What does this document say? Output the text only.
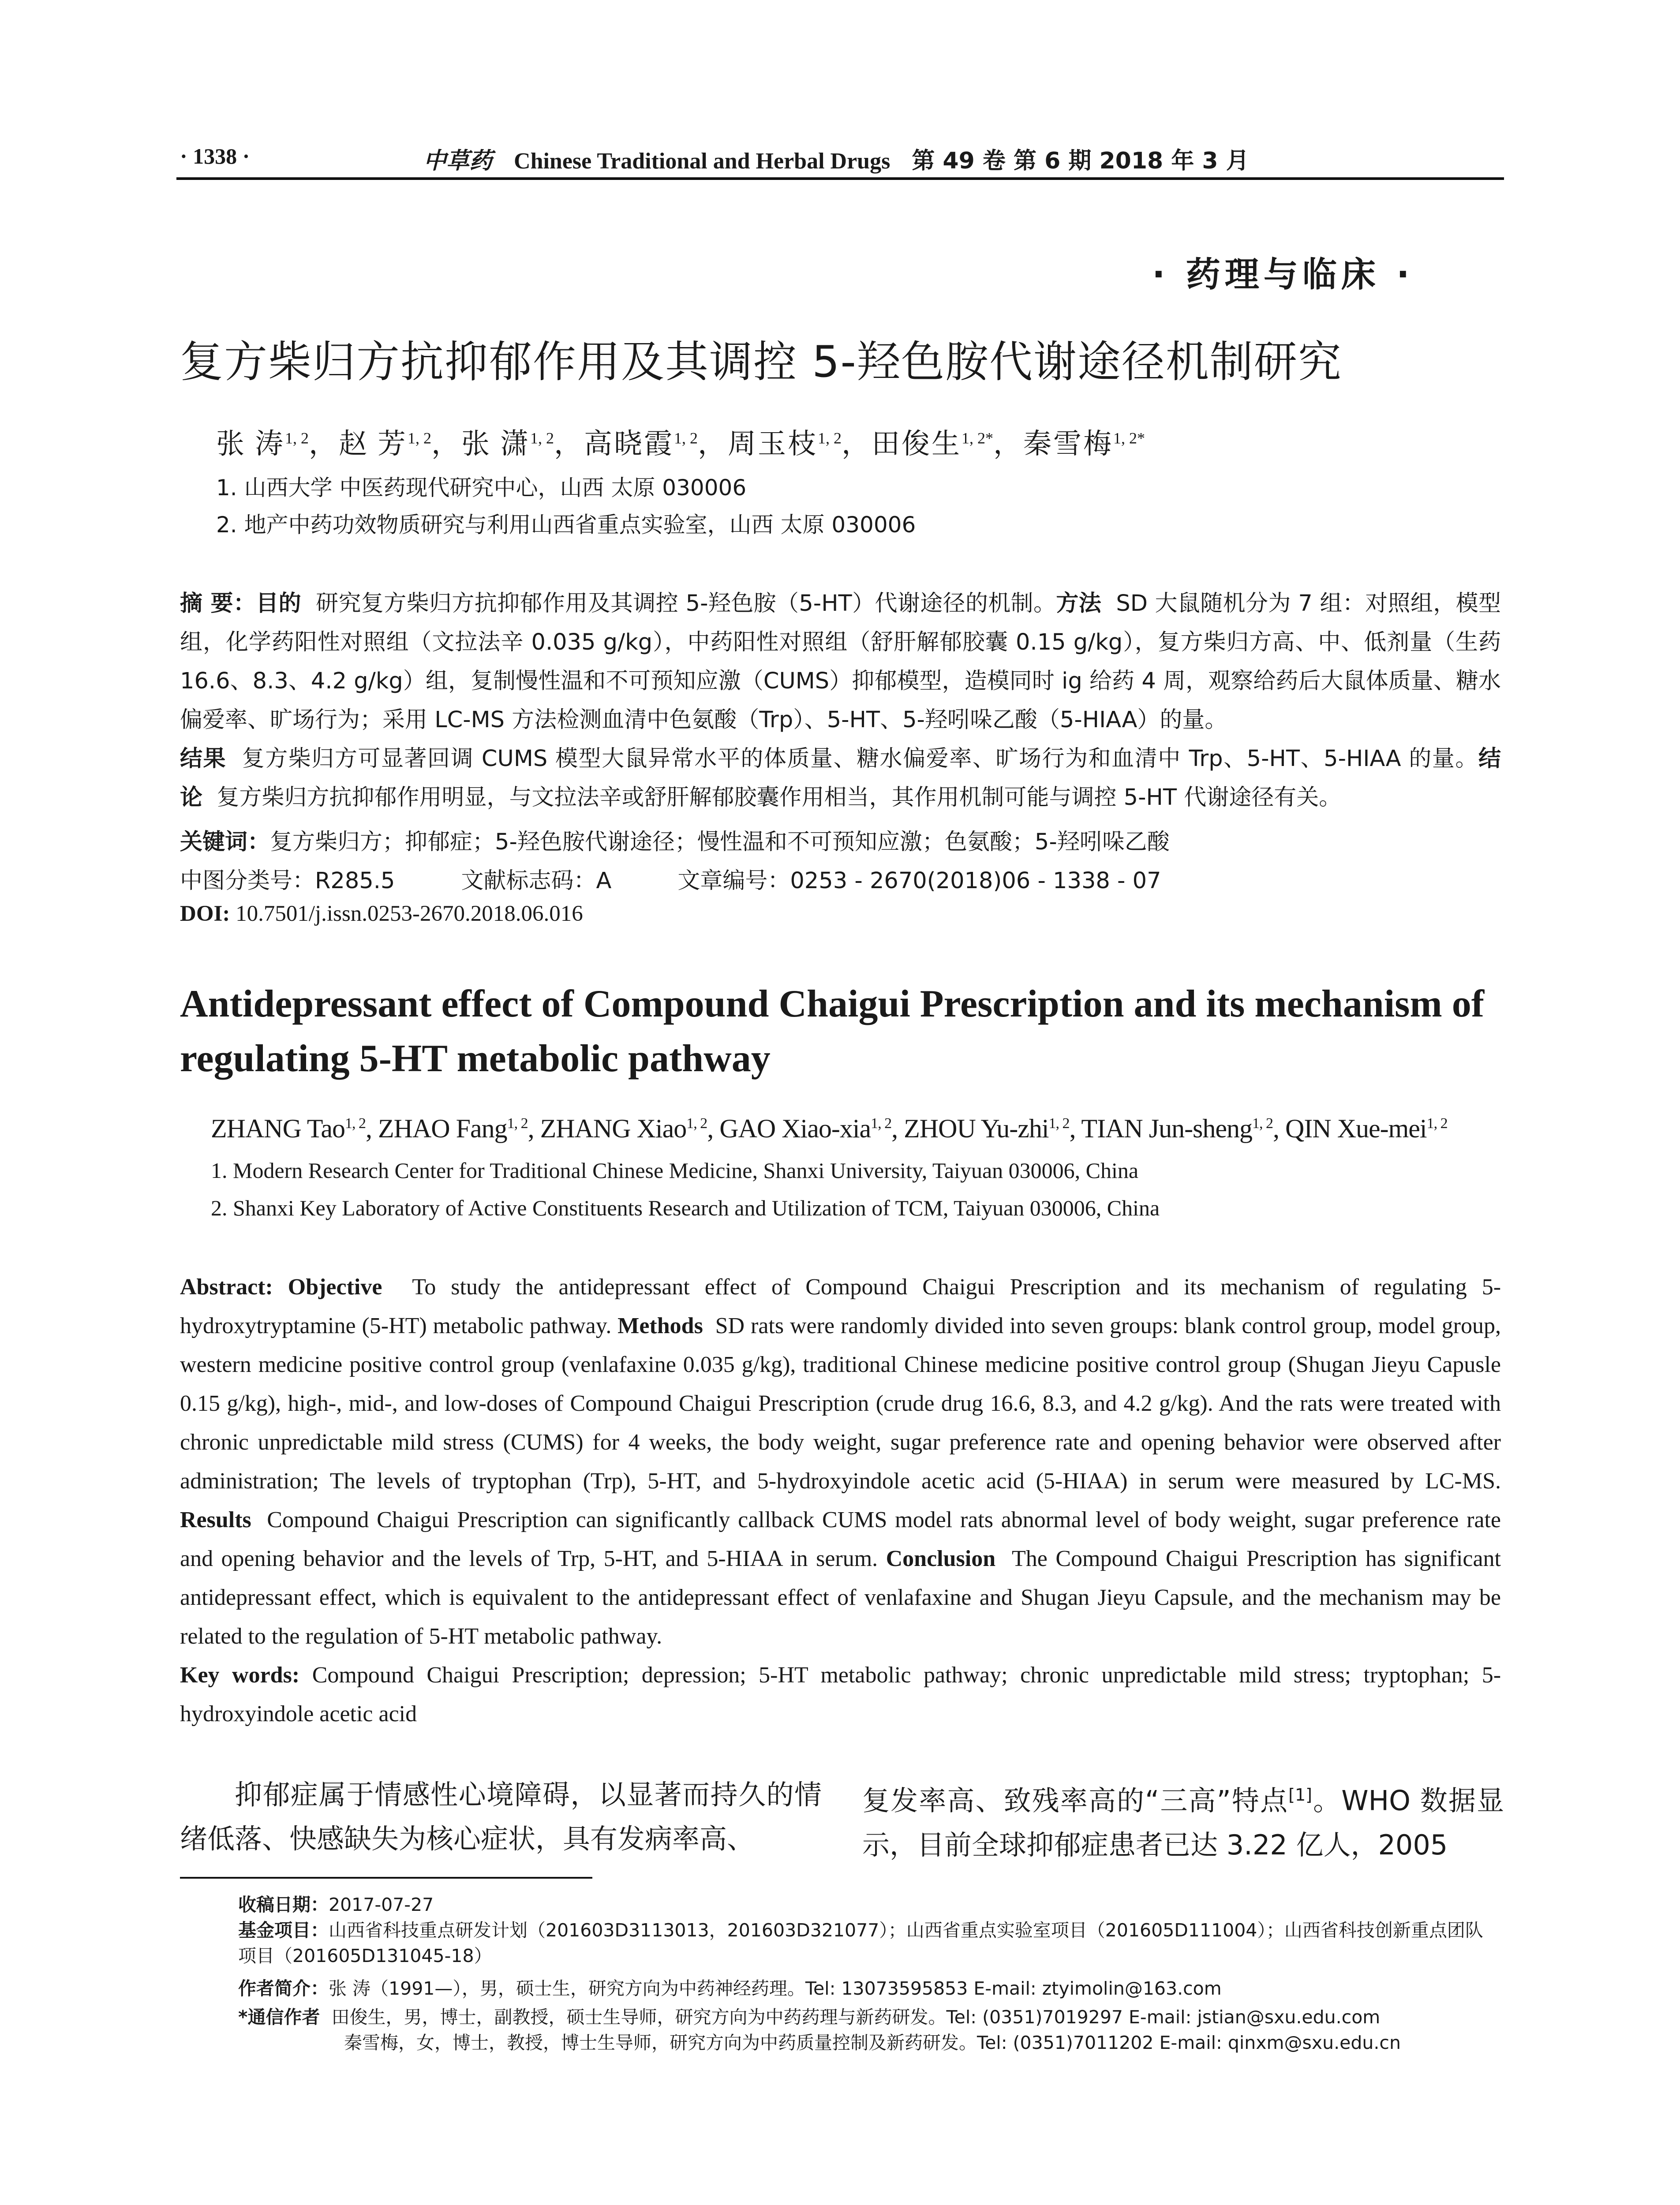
· 1338 ·	中草药 Chinese Traditional and Herbal Drugs 第 49 卷 第 6 期 2018 年 3 月
· 药理与临床 ·
复方柴归方抗抑郁作用及其调控 5-羟色胺代谢途径机制研究
张 涛$^{1, 2}$，赵 芳$^{1, 2}$，张 潇$^{1, 2}$，高晓霞$^{1, 2}$，周玉枝$^{1, 2}$，田俊生$^{1, 2*}$，秦雪梅$^{1, 2*}$
1. 山西大学 中医药现代研究中心，山西 太原 030006
2. 地产中药功效物质研究与利用山西省重点实验室，山西 太原 030006
摘 要：目的 研究复方柴归方抗抑郁作用及其调控 5-羟色胺（5-HT）代谢途径的机制。方法 SD 大鼠随机分为 7 组：对照组，模型组，化学药阳性对照组（文拉法辛 0.035 g/kg），中药阳性对照组（舒肝解郁胶囊 0.15 g/kg），复方柴归方高、中、低剂量（生药 16.6、8.3、4.2 g/kg）组，复制慢性温和不可预知应激（CUMS）抑郁模型，造模同时 ig 给药 4 周，观察给药后大鼠体质量、糖水偏爱率、旷场行为；采用 LC-MS 方法检测血清中色氨酸（Trp）、5-HT、5-羟吲哚乙酸（5-HIAA）的量。
结果 复方柴归方可显著回调 CUMS 模型大鼠异常水平的体质量、糖水偏爱率、旷场行为和血清中 Trp、5-HT、5-HIAA 的量。结论 复方柴归方抗抑郁作用明显，与文拉法辛或舒肝解郁胶囊作用相当，其作用机制可能与调控 5-HT 代谢途径有关。
关键词：复方柴归方；抑郁症；5-羟色胺代谢途径；慢性温和不可预知应激；色氨酸；5-羟吲哚乙酸
中图分类号：R285.5	文献标志码：A	文章编号：0253 - 2670(2018)06 - 1338 - 07
DOI: 10.7501/j.issn.0253-2670.2018.06.016
Antidepressant effect of Compound Chaigui Prescription and its mechanism of regulating 5-HT metabolic pathway
ZHANG Tao$^{1, 2}$, ZHAO Fang$^{1, 2}$, ZHANG Xiao$^{1, 2}$, GAO Xiao-xia$^{1, 2}$, ZHOU Yu-zhi$^{1, 2}$, TIAN Jun-sheng$^{1, 2}$, QIN Xue-mei$^{1, 2}$
1. Modern Research Center for Traditional Chinese Medicine, Shanxi University, Taiyuan 030006, China
2. Shanxi Key Laboratory of Active Constituents Research and Utilization of TCM, Taiyuan 030006, China
Abstract: Objective To study the antidepressant effect of Compound Chaigui Prescription and its mechanism of regulating 5-hydroxytryptamine (5-HT) metabolic pathway. Methods SD rats were randomly divided into seven groups: blank control group, model group, western medicine positive control group (venlafaxine 0.035 g/kg), traditional Chinese medicine positive control group (Shugan Jieyu Capusle 0.15 g/kg), high-, mid-, and low-doses of Compound Chaigui Prescription (crude drug 16.6, 8.3, and 4.2 g/kg). And the rats were treated with chronic unpredictable mild stress (CUMS) for 4 weeks, the body weight, sugar preference rate and opening behavior were observed after administration; The levels of tryptophan (Trp), 5-HT, and 5-hydroxyindole acetic acid (5-HIAA) in serum were measured by LC-MS. Results Compound Chaigui Prescription can significantly callback CUMS model rats abnormal level of body weight, sugar preference rate and opening behavior and the levels of Trp, 5-HT, and 5-HIAA in serum. Conclusion The Compound Chaigui Prescription has significant antidepressant effect, which is equivalent to the antidepressant effect of venlafaxine and Shugan Jieyu Capsule, and the mechanism may be related to the regulation of 5-HT metabolic pathway.
Key words: Compound Chaigui Prescription; depression; 5-HT metabolic pathway; chronic unpredictable mild stress; tryptophan; 5-hydroxyindole acetic acid
抑郁症属于情感性心境障碍，以显著而持久的情绪低落、快感缺失为核心症状，具有发病率高、
复发率高、致残率高的“三高”特点[1]。WHO 数据显示，目前全球抑郁症患者已达 3.22 亿人，2005
收稿日期：2017-07-27
基金项目：山西省科技重点研发计划（201603D3113013，201603D321077）；山西省重点实验室项目（201605D111004）；山西省科技创新重点团队项目（201605D131045-18）
作者简介：张 涛（1991—），男，硕士生，研究方向为中药神经药理。Tel: 13073595853 E-mail: ztyimolin@163.com
*通信作者 田俊生，男，博士，副教授，硕士生导师，研究方向为中药药理与新药研发。Tel: (0351)7019297 E-mail: jstian@sxu.edu.com
秦雪梅，女，博士，教授，博士生导师，研究方向为中药质量控制及新药研发。Tel: (0351)7011202 E-mail: qinxm@sxu.edu.cn
